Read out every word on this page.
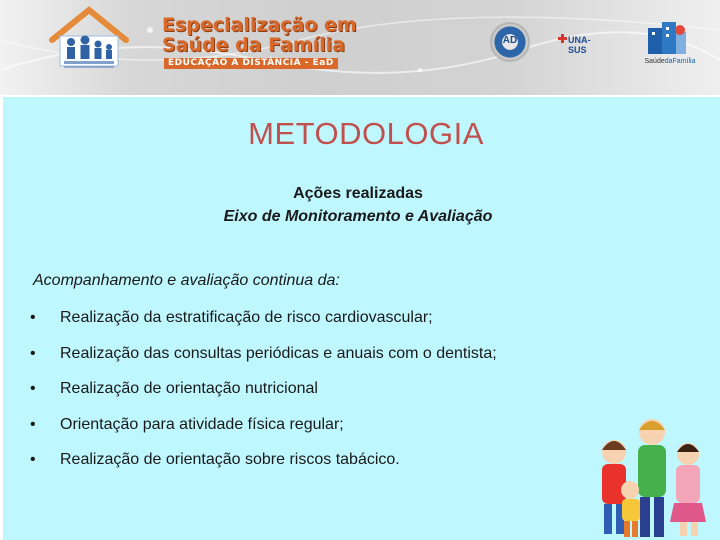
Especialização em
Saúde da Família
EDUCAÇÃO A DISTÂNCIA - EaD
AD	UNA-SUS
SaúdedaFamília
METODOLOGIA
Ações realizadas
Eixo de Monitoramento e Avaliação
Acompanhamento e avaliação continua da:
•	Realização da estratificação de risco cardiovascular;
•	Realização das consultas periódicas e anuais com o dentista;
•	Realização de orientação nutricional
•	Orientação para atividade física regular;
•	Realização de orientação sobre riscos tabácico.
